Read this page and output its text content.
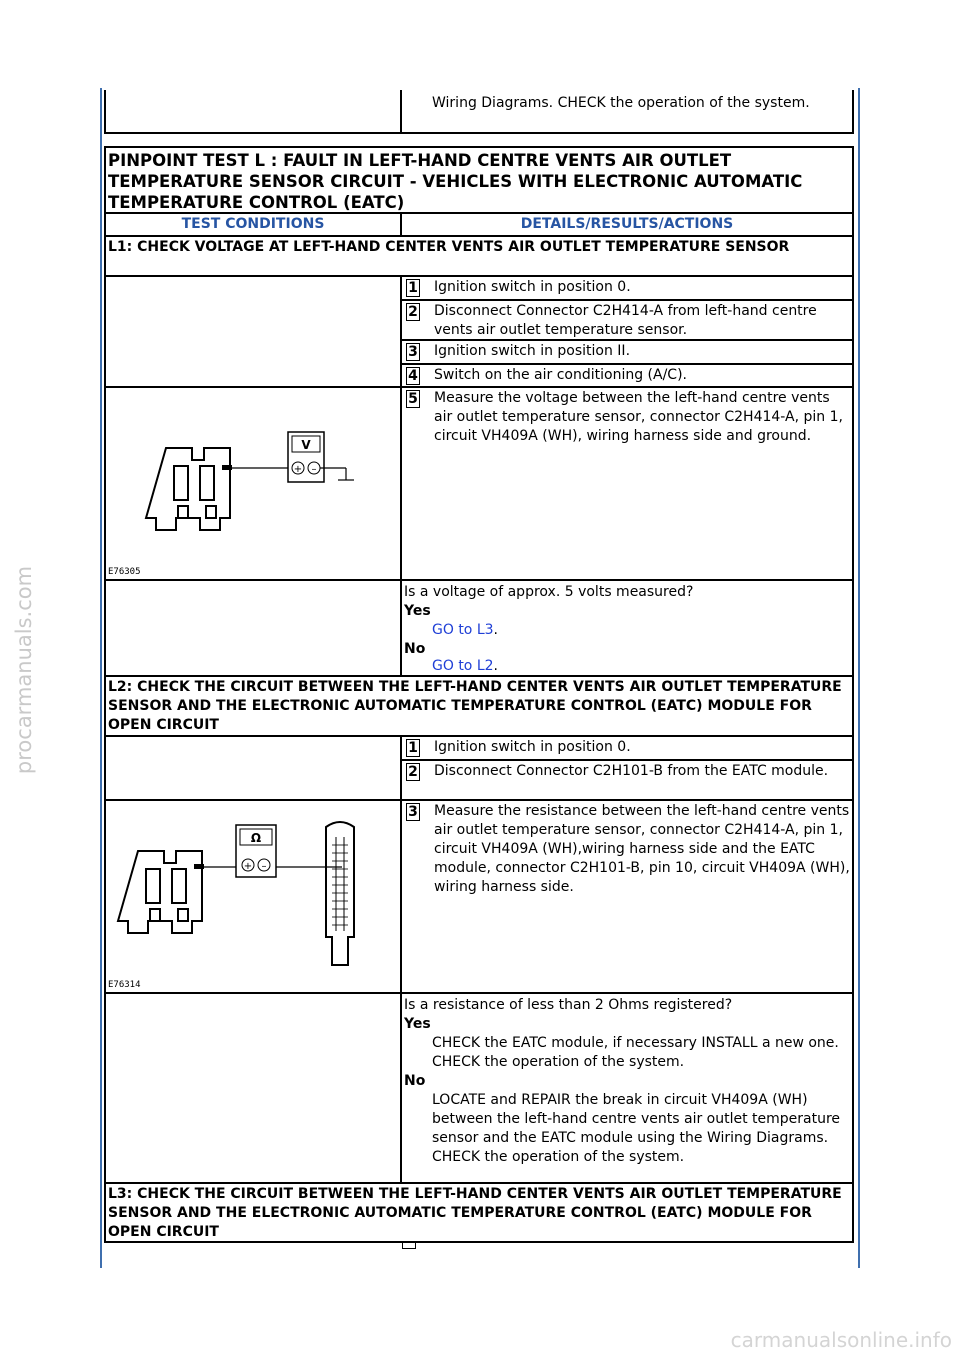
procarmanuals.com
carmanualsonline.info
Wiring Diagrams. CHECK the operation of the system.
PINPOINT TEST L : FAULT IN LEFT-HAND CENTRE VENTS AIR OUTLET TEMPERATURE SENSOR CIRCUIT - VEHICLES WITH ELECTRONIC AUTOMATIC TEMPERATURE CONTROL (EATC)
TEST CONDITIONS	DETAILS/RESULTS/ACTIONS
L1: CHECK VOLTAGE AT LEFT-HAND CENTER VENTS AIR OUTLET TEMPERATURE SENSOR
1 Ignition switch in position 0.
2 Disconnect Connector C2H414-A from left-hand centre vents air outlet temperature sensor.
3 Ignition switch in position II.
4 Switch on the air conditioning (A/C).
V
+ –
E76305
5 Measure the voltage between the left-hand centre vents air outlet temperature sensor, connector C2H414-A, pin 1, circuit VH409A (WH), wiring harness side and ground.
Is a voltage of approx. 5 volts measured?
Yes
GO to L3.
No
GO to L2.
L2: CHECK THE CIRCUIT BETWEEN THE LEFT-HAND CENTER VENTS AIR OUTLET TEMPERATURE SENSOR AND THE ELECTRONIC AUTOMATIC TEMPERATURE CONTROL (EATC) MODULE FOR OPEN CIRCUIT
1 Ignition switch in position 0.
2 Disconnect Connector C2H101-B from the EATC module.
Ω
+ –
E76314
3 Measure the resistance between the left-hand centre vents air outlet temperature sensor, connector C2H414-A, pin 1, circuit VH409A (WH),wiring harness side and the EATC module, connector C2H101-B, pin 10, circuit VH409A (WH), wiring harness side.
Is a resistance of less than 2 Ohms registered?
Yes
CHECK the EATC module, if necessary INSTALL a new one. CHECK the operation of the system.
No
LOCATE and REPAIR the break in circuit VH409A (WH) between the left-hand centre vents air outlet temperature sensor and the EATC module using the Wiring Diagrams. CHECK the operation of the system.
L3: CHECK THE CIRCUIT BETWEEN THE LEFT-HAND CENTER VENTS AIR OUTLET TEMPERATURE SENSOR AND THE ELECTRONIC AUTOMATIC TEMPERATURE CONTROL (EATC) MODULE FOR OPEN CIRCUIT
